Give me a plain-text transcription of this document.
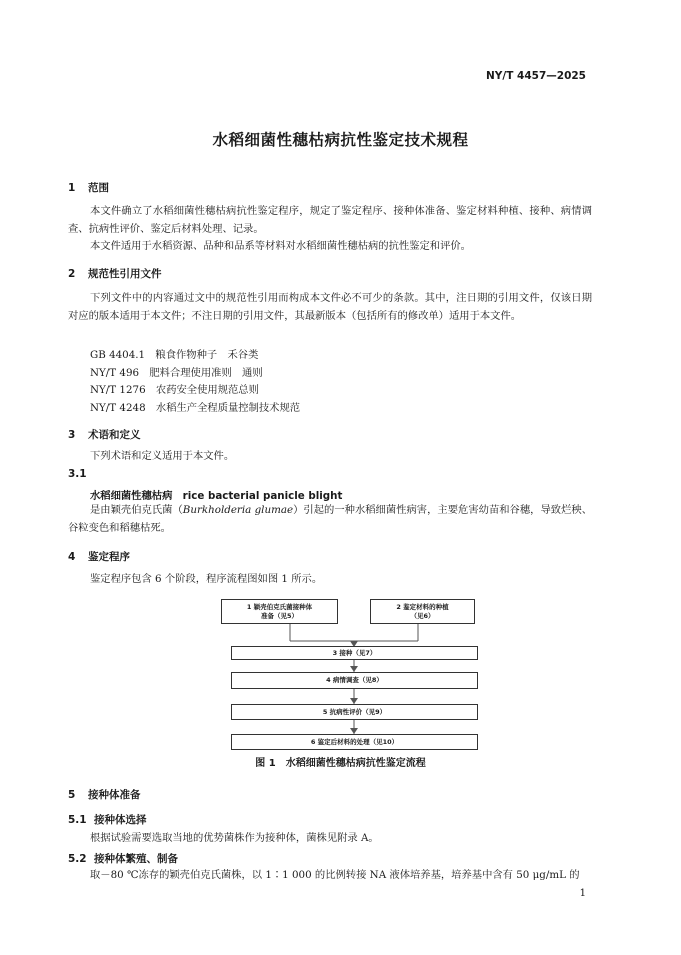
NY/T 4457—2025
水稻细菌性穗枯病抗性鉴定技术规程
1 范围
本文件确立了水稻细菌性穗枯病抗性鉴定程序，规定了鉴定程序、接种体准备、鉴定材料种植、接种、病情调查、抗病性评价、鉴定后材料处理、记录。
本文件适用于水稻资源、品种和品系等材料对水稻细菌性穗枯病的抗性鉴定和评价。
2 规范性引用文件
下列文件中的内容通过文中的规范性引用而构成本文件必不可少的条款。其中，注日期的引用文件，仅该日期对应的版本适用于本文件；不注日期的引用文件，其最新版本（包括所有的修改单）适用于本文件。
GB 4404.1　 粮食作物种子　禾谷类
NY/T 496　 肥料合理使用准则　通则
NY/T 1276　 农药安全使用规范总则
NY/T 4248　 水稻生产全程质量控制技术规范
3 术语和定义
下列术语和定义适用于本文件。
3.1
水稻细菌性穗枯病　 rice bacterial panicle blight
是由颖壳伯克氏菌（Burkholderia glumae）引起的一种水稻细菌性病害，主要危害幼苗和谷穗，导致烂秧、谷粒变色和稻穗枯死。
4 鉴定程序
鉴定程序包含 6 个阶段，程序流程图如图 1 所示。
1 颖壳伯克氏菌接种体
准备（见5）
2 鉴定材料的种植
（见6）
3 接种（见7）
4 病情调查（见8）
5 抗病性评价（见9）
6 鉴定后材料的处理（见10）
图 1　水稻细菌性穗枯病抗性鉴定流程
5 接种体准备
5.1 接种体选择
根据试验需要选取当地的优势菌株作为接种体，菌株见附录 A。
5.2 接种体繁殖、制备
取－80 ℃冻存的颖壳伯克氏菌株，以 1∶1 000 的比例转接 NA 液体培养基，培养基中含有 50 μg/mL 的
1
